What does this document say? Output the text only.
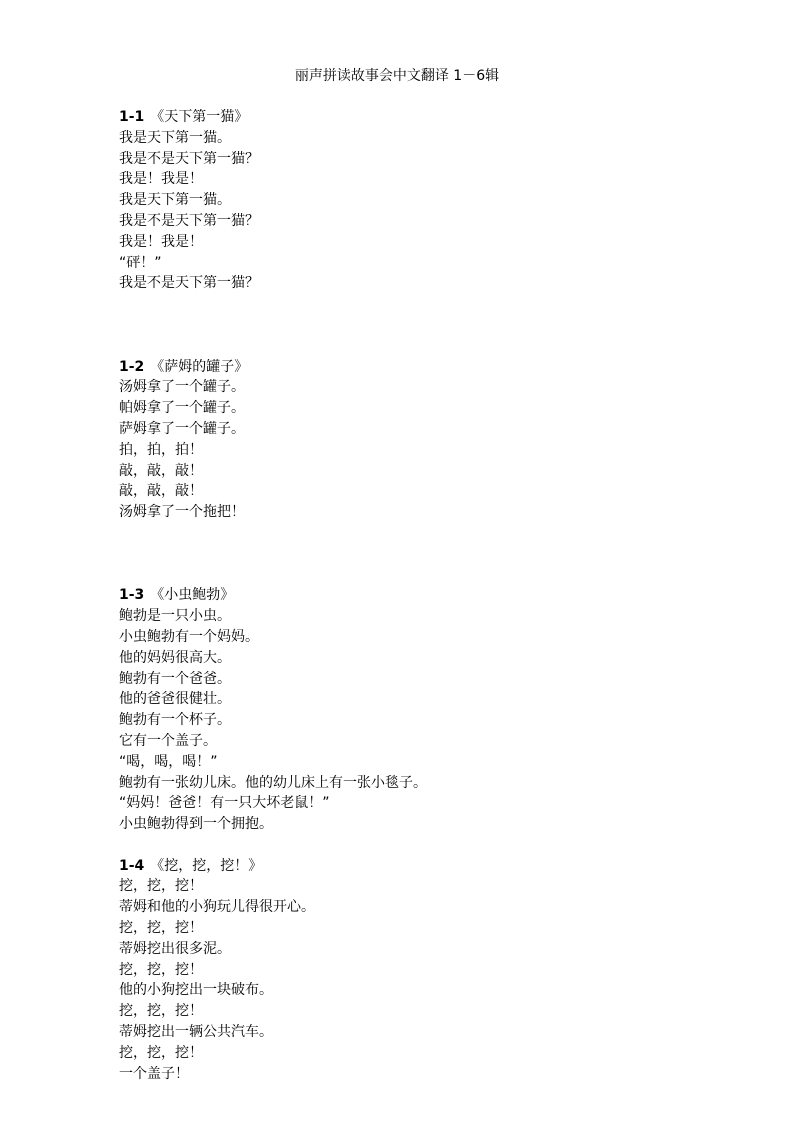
丽声拼读故事会中文翻译 1－6辑
1-1 《天下第一猫》
我是天下第一猫。
我是不是天下第一猫？
我是！我是！
我是天下第一猫。
我是不是天下第一猫？
我是！我是！
“砰！”
我是不是天下第一猫？
1-2 《萨姆的罐子》
汤姆拿了一个罐子。
帕姆拿了一个罐子。
萨姆拿了一个罐子。
拍，拍，拍！
敲，敲，敲！
敲，敲，敲！
汤姆拿了一个拖把！
1-3 《小虫鲍勃》
鲍勃是一只小虫。
小虫鲍勃有一个妈妈。
他的妈妈很高大。
鲍勃有一个爸爸。
他的爸爸很健壮。
鲍勃有一个杯子。
它有一个盖子。
“喝，喝，喝！”
鲍勃有一张幼儿床。他的幼儿床上有一张小毯子。
“妈妈！爸爸！有一只大坏老鼠！”
小虫鲍勃得到一个拥抱。
1-4 《挖，挖，挖！》
挖，挖，挖！
蒂姆和他的小狗玩儿得很开心。
挖，挖，挖！
蒂姆挖出很多泥。
挖，挖，挖！
他的小狗挖出一块破布。
挖，挖，挖！
蒂姆挖出一辆公共汽车。
挖，挖，挖！
一个盖子！
